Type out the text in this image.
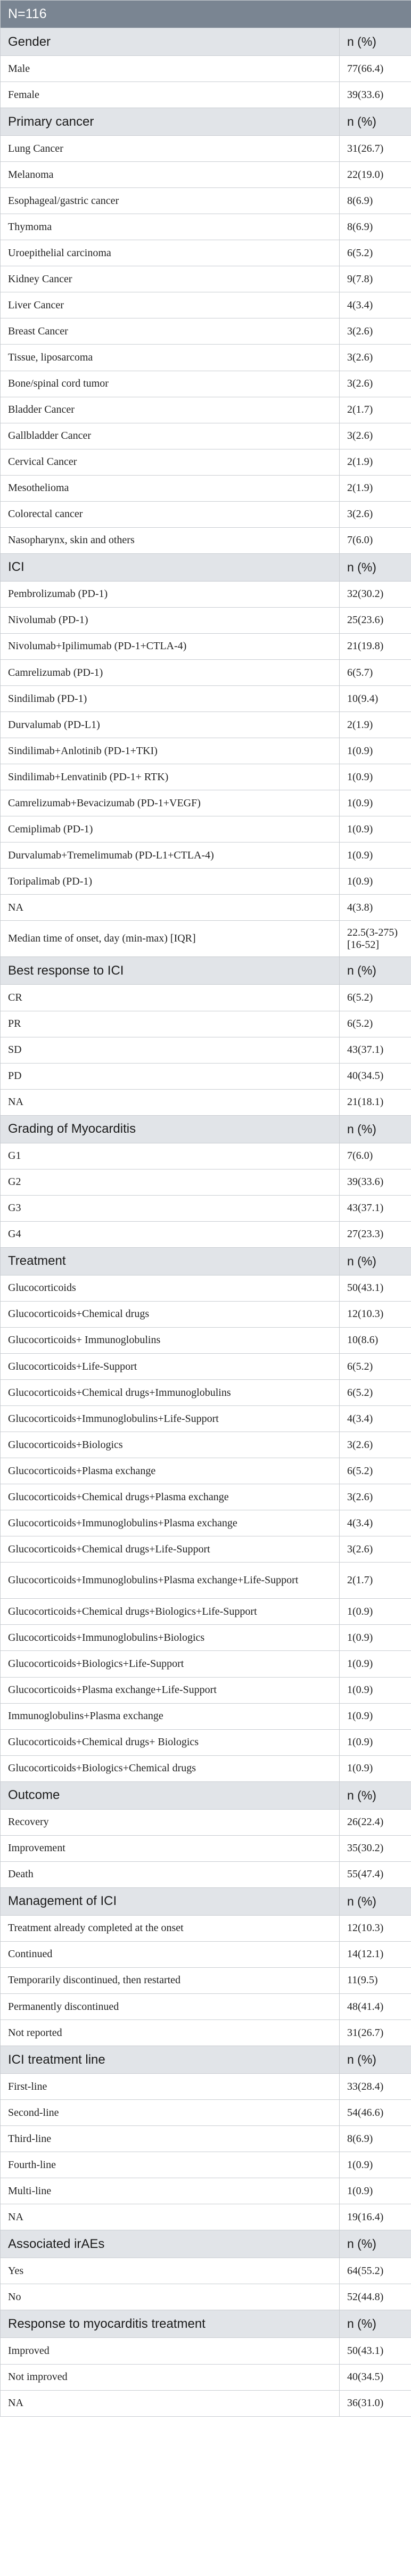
N=116	
Gender	n (%)
Male	77(66.4)
Female	39(33.6)
Primary cancer	n (%)
Lung Cancer	31(26.7)
Melanoma	22(19.0)
Esophageal/gastric cancer	8(6.9)
Thymoma	8(6.9)
Uroepithelial carcinoma	6(5.2)
Kidney Cancer	9(7.8)
Liver Cancer	4(3.4)
Breast Cancer	3(2.6)
Tissue, liposarcoma	3(2.6)
Bone/spinal cord tumor	3(2.6)
Bladder Cancer	2(1.7)
Gallbladder Cancer	3(2.6)
Cervical Cancer	2(1.9)
Mesothelioma	2(1.9)
Colorectal cancer	3(2.6)
Nasopharynx, skin and others	7(6.0)
ICI	n (%)
Pembrolizumab (PD-1)	32(30.2)
Nivolumab (PD-1)	25(23.6)
Nivolumab+Ipilimumab (PD-1+CTLA-4)	21(19.8)
Camrelizumab (PD-1)	6(5.7)
Sindilimab (PD-1)	10(9.4)
Durvalumab (PD-L1)	2(1.9)
Sindilimab+Anlotinib (PD-1+TKI)	1(0.9)
Sindilimab+Lenvatinib (PD-1+ RTK)	1(0.9)
Camrelizumab+Bevacizumab (PD-1+VEGF)	1(0.9)
Cemiplimab (PD-1)	1(0.9)
Durvalumab+Tremelimumab (PD-L1+CTLA-4)	1(0.9)
Toripalimab (PD-1)	1(0.9)
NA	4(3.8)
Median time of onset, day (min-max) [IQR]	22.5(3-275) [16-52]
Best response to ICI	n (%)
CR	6(5.2)
PR	6(5.2)
SD	43(37.1)
PD	40(34.5)
NA	21(18.1)
Grading of Myocarditis	n (%)
G1	7(6.0)
G2	39(33.6)
G3	43(37.1)
G4	27(23.3)
Treatment	n (%)
Glucocorticoids	50(43.1)
Glucocorticoids+Chemical drugs	12(10.3)
Glucocorticoids+ Immunoglobulins	10(8.6)
Glucocorticoids+Life-Support	6(5.2)
Glucocorticoids+Chemical drugs+Immunoglobulins	6(5.2)
Glucocorticoids+Immunoglobulins+Life-Support	4(3.4)
Glucocorticoids+Biologics	3(2.6)
Glucocorticoids+Plasma exchange	6(5.2)
Glucocorticoids+Chemical drugs+Plasma exchange	3(2.6)
Glucocorticoids+Immunoglobulins+Plasma exchange	4(3.4)
Glucocorticoids+Chemical drugs+Life-Support	3(2.6)
Glucocorticoids+Immunoglobulins+Plasma exchange+Life-Support	2(1.7)
Glucocorticoids+Chemical drugs+Biologics+Life-Support	1(0.9)
Glucocorticoids+Immunoglobulins+Biologics	1(0.9)
Glucocorticoids+Biologics+Life-Support	1(0.9)
Glucocorticoids+Plasma exchange+Life-Support	1(0.9)
Immunoglobulins+Plasma exchange	1(0.9)
Glucocorticoids+Chemical drugs+ Biologics	1(0.9)
Glucocorticoids+Biologics+Chemical drugs	1(0.9)
Outcome	n (%)
Recovery	26(22.4)
Improvement	35(30.2)
Death	55(47.4)
Management of ICI	n (%)
Treatment already completed at the onset	12(10.3)
Continued	14(12.1)
Temporarily discontinued, then restarted	11(9.5)
Permanently discontinued	48(41.4)
Not reported	31(26.7)
ICI treatment line	n (%)
First-line	33(28.4)
Second-line	54(46.6)
Third-line	8(6.9)
Fourth-line	1(0.9)
Multi-line	1(0.9)
NA	19(16.4)
Associated irAEs	n (%)
Yes	64(55.2)
No	52(44.8)
Response to myocarditis treatment	n (%)
Improved	50(43.1)
Not improved	40(34.5)
NA	36(31.0)
